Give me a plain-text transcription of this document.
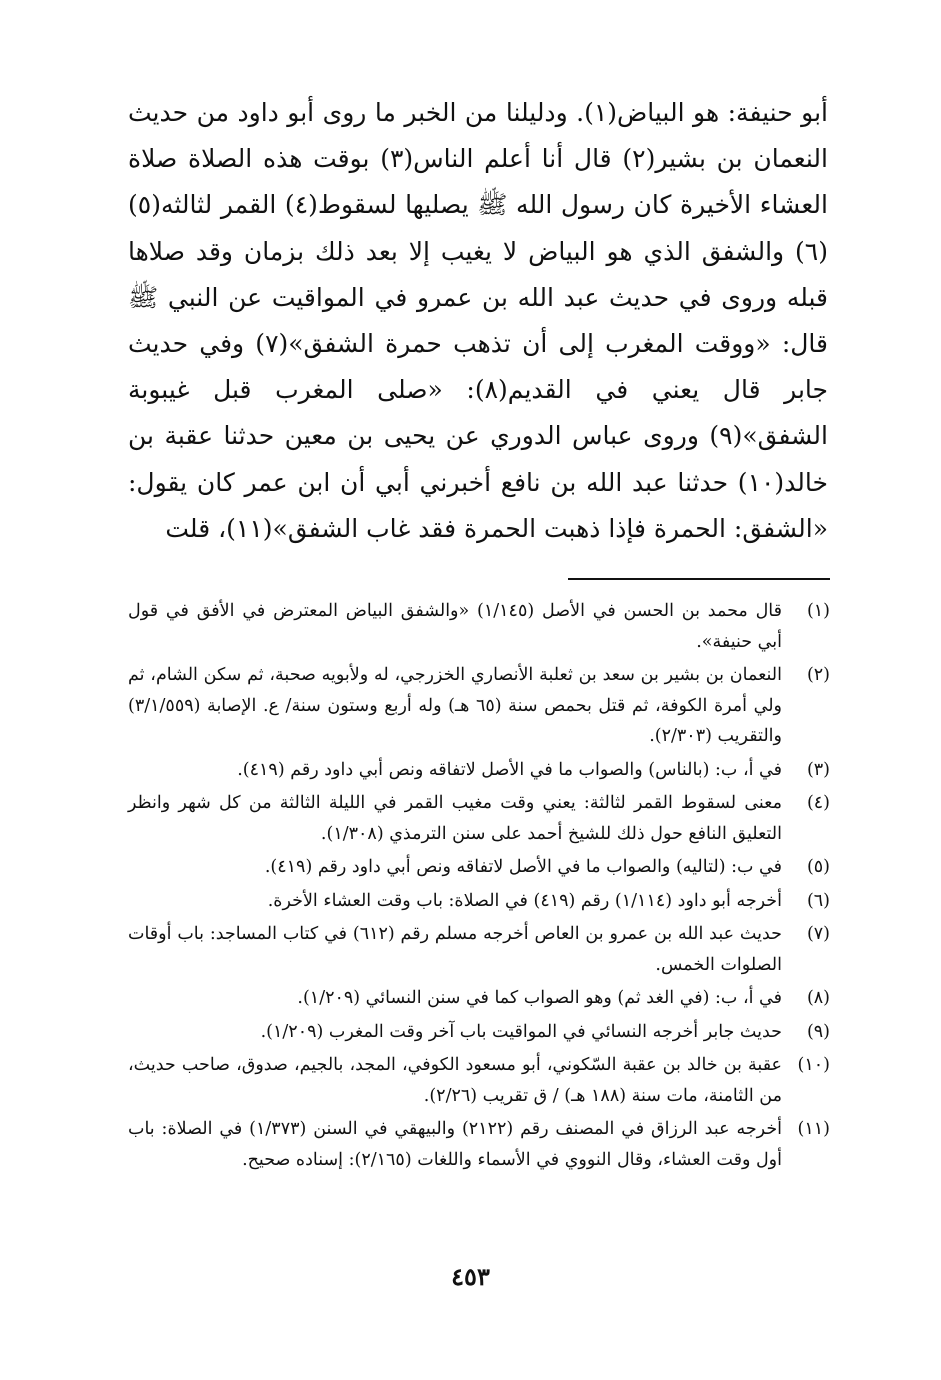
أبو حنيفة: هو البياض(١). ودليلنا من الخبر ما روى أبو داود من حديث النعمان بن بشير(٢) قال أنا أعلم الناس(٣) بوقت هذه الصلاة صلاة العشاء الأخيرة كان رسول الله ﷺ يصليها لسقوط(٤) القمر لثالثه(٥)(٦) والشفق الذي هو البياض لا يغيب إلا بعد ذلك بزمان وقد صلاها قبله وروى في حديث عبد الله بن عمرو في المواقيت عن النبي ﷺ قال: «ووقت المغرب إلى أن تذهب حمرة الشفق»(٧) وفي حديث جابر قال يعني في القديم(٨): «صلى المغرب قبل غيبوبة الشفق»(٩) وروى عباس الدوري عن يحيى بن معين حدثنا عقبة بن خالد(١٠) حدثنا عبد الله بن نافع أخبرني أبي أن ابن عمر كان يقول: «الشفق: الحمرة فإذا ذهبت الحمرة فقد غاب الشفق»(١١)، قلت

(١)
قال محمد بن الحسن في الأصل (١/١٤٥) «والشفق البياض المعترض في الأفق في قول أبي حنيفة».
(٢)
النعمان بن بشير بن سعد بن ثعلبة الأنصاري الخزرجي، له ولأبويه صحبة، ثم سكن الشام، ثم ولي أمرة الكوفة، ثم قتل بحمص سنة (٦٥ هـ) وله أربع وستون سنة/ ع. الإصابة (٣/١/٥٥٩) والتقريب (٢/٣٠٣).
(٣)
في أ، ب: (بالناس) والصواب ما في الأصل لاتفاقه ونص أبي داود رقم (٤١٩).
(٤)
معنى لسقوط القمر لثالثة: يعني وقت مغيب القمر في الليلة الثالثة من كل شهر وانظر التعليق النافع حول ذلك للشيخ أحمد على سنن الترمذي (١/٣٠٨).
(٥)
في ب: (لتاليه) والصواب ما في الأصل لاتفاقه ونص أبي داود رقم (٤١٩).
(٦)
أخرجه أبو داود (١/١١٤) رقم (٤١٩) في الصلاة: باب وقت العشاء الأخرة.
(٧)
حديث عبد الله بن عمرو بن العاص أخرجه مسلم رقم (٦١٢) في كتاب المساجد: باب أوقات الصلوات الخمس.
(٨)
في أ، ب: (في الغد ثم) وهو الصواب كما في سنن النسائي (١/٢٠٩).
(٩)
حديث جابر أخرجه النسائي في المواقيت باب آخر وقت المغرب (١/٢٠٩).
(١٠)
عقبة بن خالد بن عقبة السّكوني، أبو مسعود الكوفي، المجد، بالجيم، صدوق، صاحب حديث، من الثامنة، مات سنة (١٨٨ هـ) / ق تقريب (٢/٢٦).
(١١)
أخرجه عبد الرزاق في المصنف رقم (٢١٢٢) والبيهقي في السنن (١/٣٧٣) في الصلاة: باب أول وقت العشاء، وقال النووي في الأسماء واللغات (٢/١٦٥): إسناده صحيح.
٤٥٣
